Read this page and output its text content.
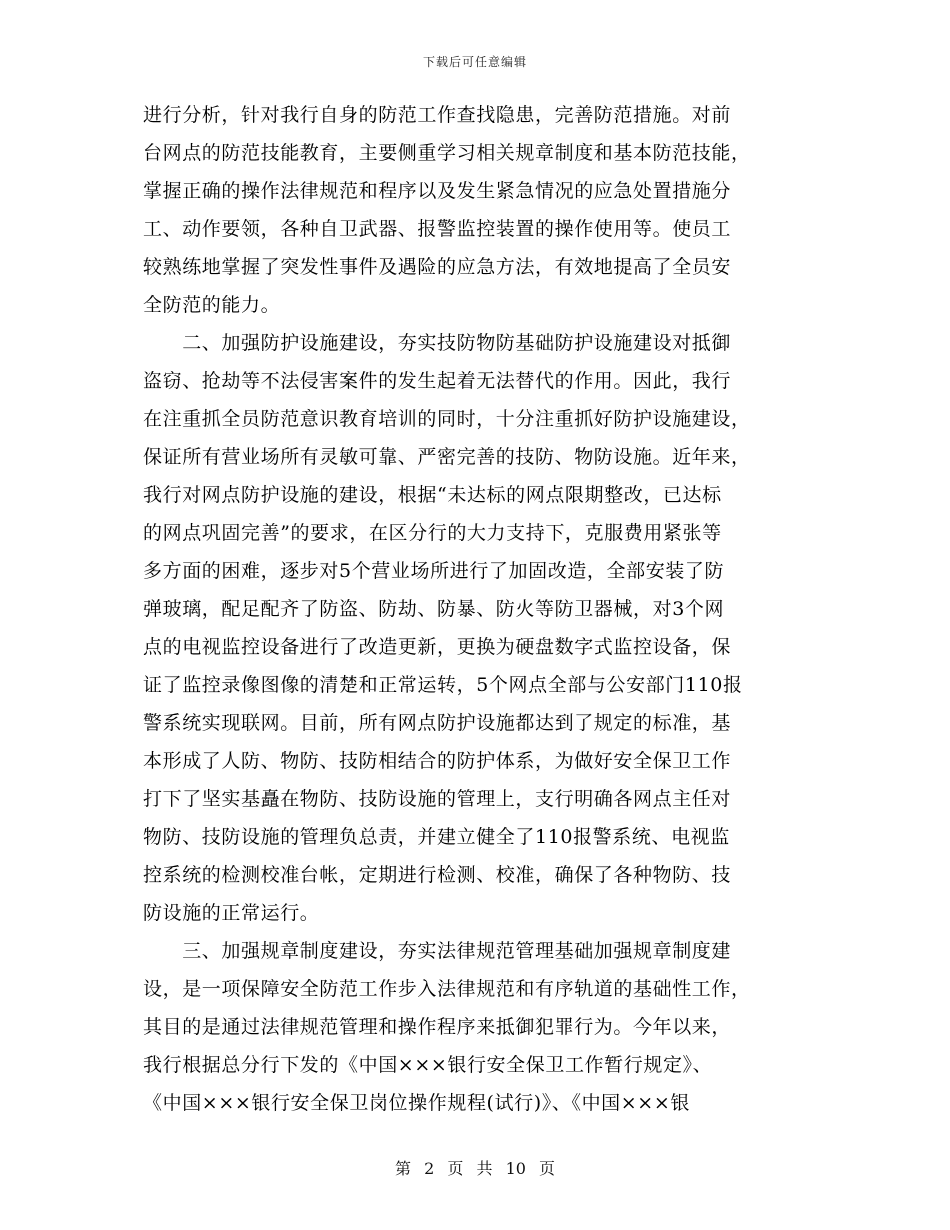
下载后可任意编辑
进行分析，针对我行自身的防范工作查找隐患，完善防范措施。对前
台网点的防范技能教育，主要侧重学习相关规章制度和基本防范技能，
掌握正确的操作法律规范和程序以及发生紧急情况的应急处置措施分
工、动作要领，各种自卫武器、报警监控装置的操作使用等。使员工
较熟练地掌握了突发性事件及遇险的应急方法，有效地提高了全员安
全防范的能力。
　　二、加强防护设施建设，夯实技防物防基础防护设施建设对抵御
盗窃、抢劫等不法侵害案件的发生起着无法替代的作用。因此，我行
在注重抓全员防范意识教育培训的同时，十分注重抓好防护设施建设，
保证所有营业场所有灵敏可靠、严密完善的技防、物防设施。近年来，
我行对网点防护设施的建设，根据“未达标的网点限期整改，已达标
的网点巩固完善”的要求，在区分行的大力支持下，克服费用紧张等
多方面的困难，逐步对5个营业场所进行了加固改造，全部安装了防
弹玻璃，配足配齐了防盗、防劫、防暴、防火等防卫器械，对3个网
点的电视监控设备进行了改造更新，更换为硬盘数字式监控设备，保
证了监控录像图像的清楚和正常运转，5个网点全部与公安部门110报
警系统实现联网。目前，所有网点防护设施都达到了规定的标准，基
本形成了人防、物防、技防相结合的防护体系，为做好安全保卫工作
打下了坚实基矗在物防、技防设施的管理上，支行明确各网点主任对
物防、技防设施的管理负总责，并建立健全了110报警系统、电视监
控系统的检测校准台帐，定期进行检测、校准，确保了各种物防、技
防设施的正常运行。
　　三、加强规章制度建设，夯实法律规范管理基础加强规章制度建
设，是一项保障安全防范工作步入法律规范和有序轨道的基础性工作，
其目的是通过法律规范管理和操作程序来抵御犯罪行为。今年以来，
我行根据总分行下发的《中国×××银行安全保卫工作暂行规定》、
《中国×××银行安全保卫岗位操作规程(试行)》、《中国×××银
第 2 页 共 10 页
